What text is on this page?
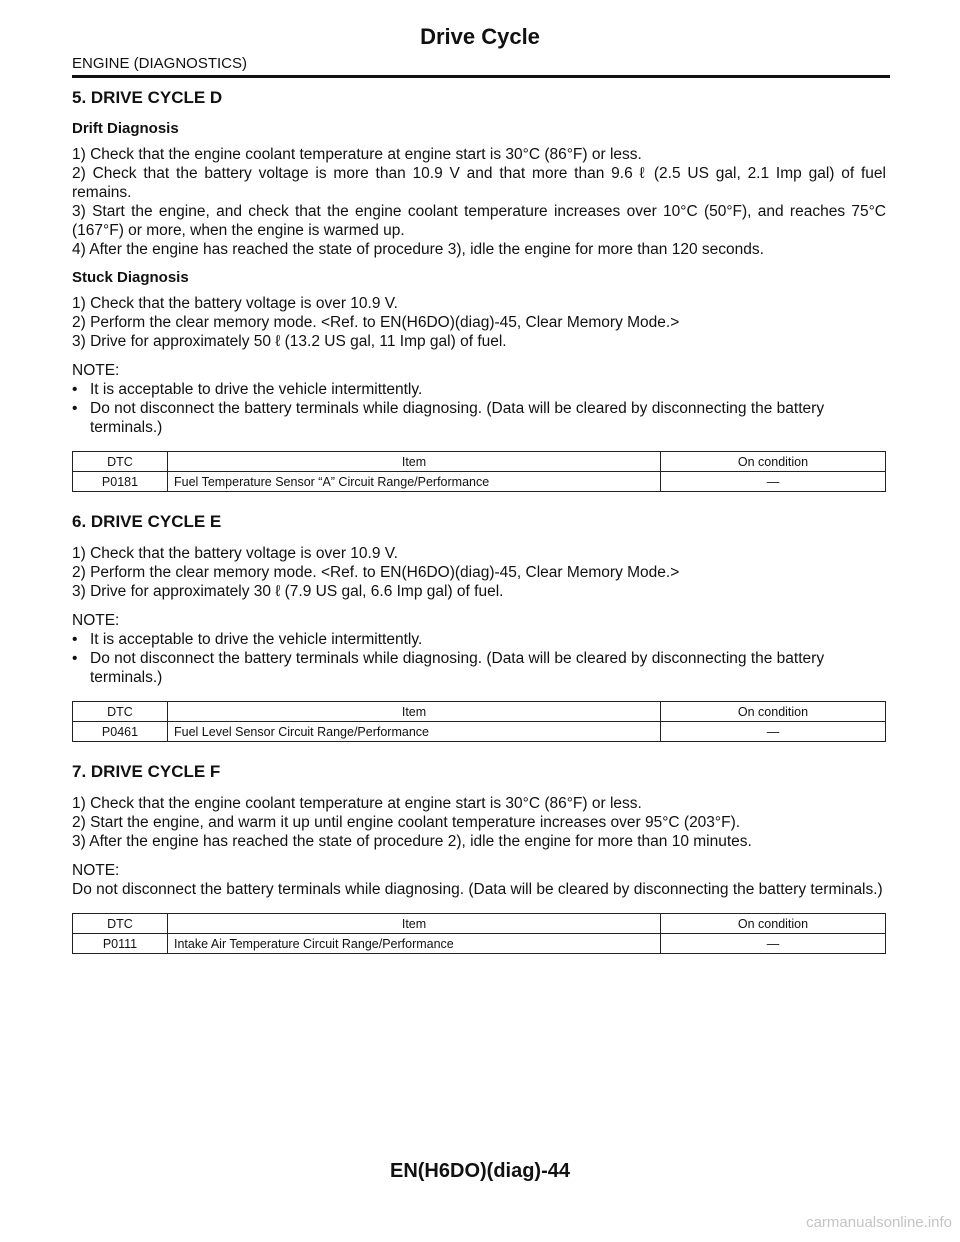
Drive Cycle
ENGINE (DIAGNOSTICS)
5. DRIVE CYCLE D
Drift Diagnosis
1) Check that the engine coolant temperature at engine start is 30°C (86°F) or less.
2) Check that the battery voltage is more than 10.9 V and that more than 9.6 ℓ (2.5 US gal, 2.1 Imp gal) of fuel remains.
3) Start the engine, and check that the engine coolant temperature increases over 10°C (50°F), and reaches 75°C (167°F) or more, when the engine is warmed up.
4) After the engine has reached the state of procedure 3), idle the engine for more than 120 seconds.
Stuck Diagnosis
1) Check that the battery voltage is over 10.9 V.
2) Perform the clear memory mode. <Ref. to EN(H6DO)(diag)-45, Clear Memory Mode.>
3) Drive for approximately 50 ℓ (13.2 US gal, 11 Imp gal) of fuel.
NOTE:
• It is acceptable to drive the vehicle intermittently.
• Do not disconnect the battery terminals while diagnosing. (Data will be cleared by disconnecting the battery terminals.)
DTC	Item	On condition
P0181	Fuel Temperature Sensor “A” Circuit Range/Performance	—
6. DRIVE CYCLE E
1) Check that the battery voltage is over 10.9 V.
2) Perform the clear memory mode. <Ref. to EN(H6DO)(diag)-45, Clear Memory Mode.>
3) Drive for approximately 30 ℓ (7.9 US gal, 6.6 Imp gal) of fuel.
NOTE:
• It is acceptable to drive the vehicle intermittently.
• Do not disconnect the battery terminals while diagnosing. (Data will be cleared by disconnecting the battery terminals.)
DTC	Item	On condition
P0461	Fuel Level Sensor Circuit Range/Performance	—
7. DRIVE CYCLE F
1) Check that the engine coolant temperature at engine start is 30°C (86°F) or less.
2) Start the engine, and warm it up until engine coolant temperature increases over 95°C (203°F).
3) After the engine has reached the state of procedure 2), idle the engine for more than 10 minutes.
NOTE:
Do not disconnect the battery terminals while diagnosing. (Data will be cleared by disconnecting the battery terminals.)
DTC	Item	On condition
P0111	Intake Air Temperature Circuit Range/Performance	—
EN(H6DO)(diag)-44
carmanualsonline.info
